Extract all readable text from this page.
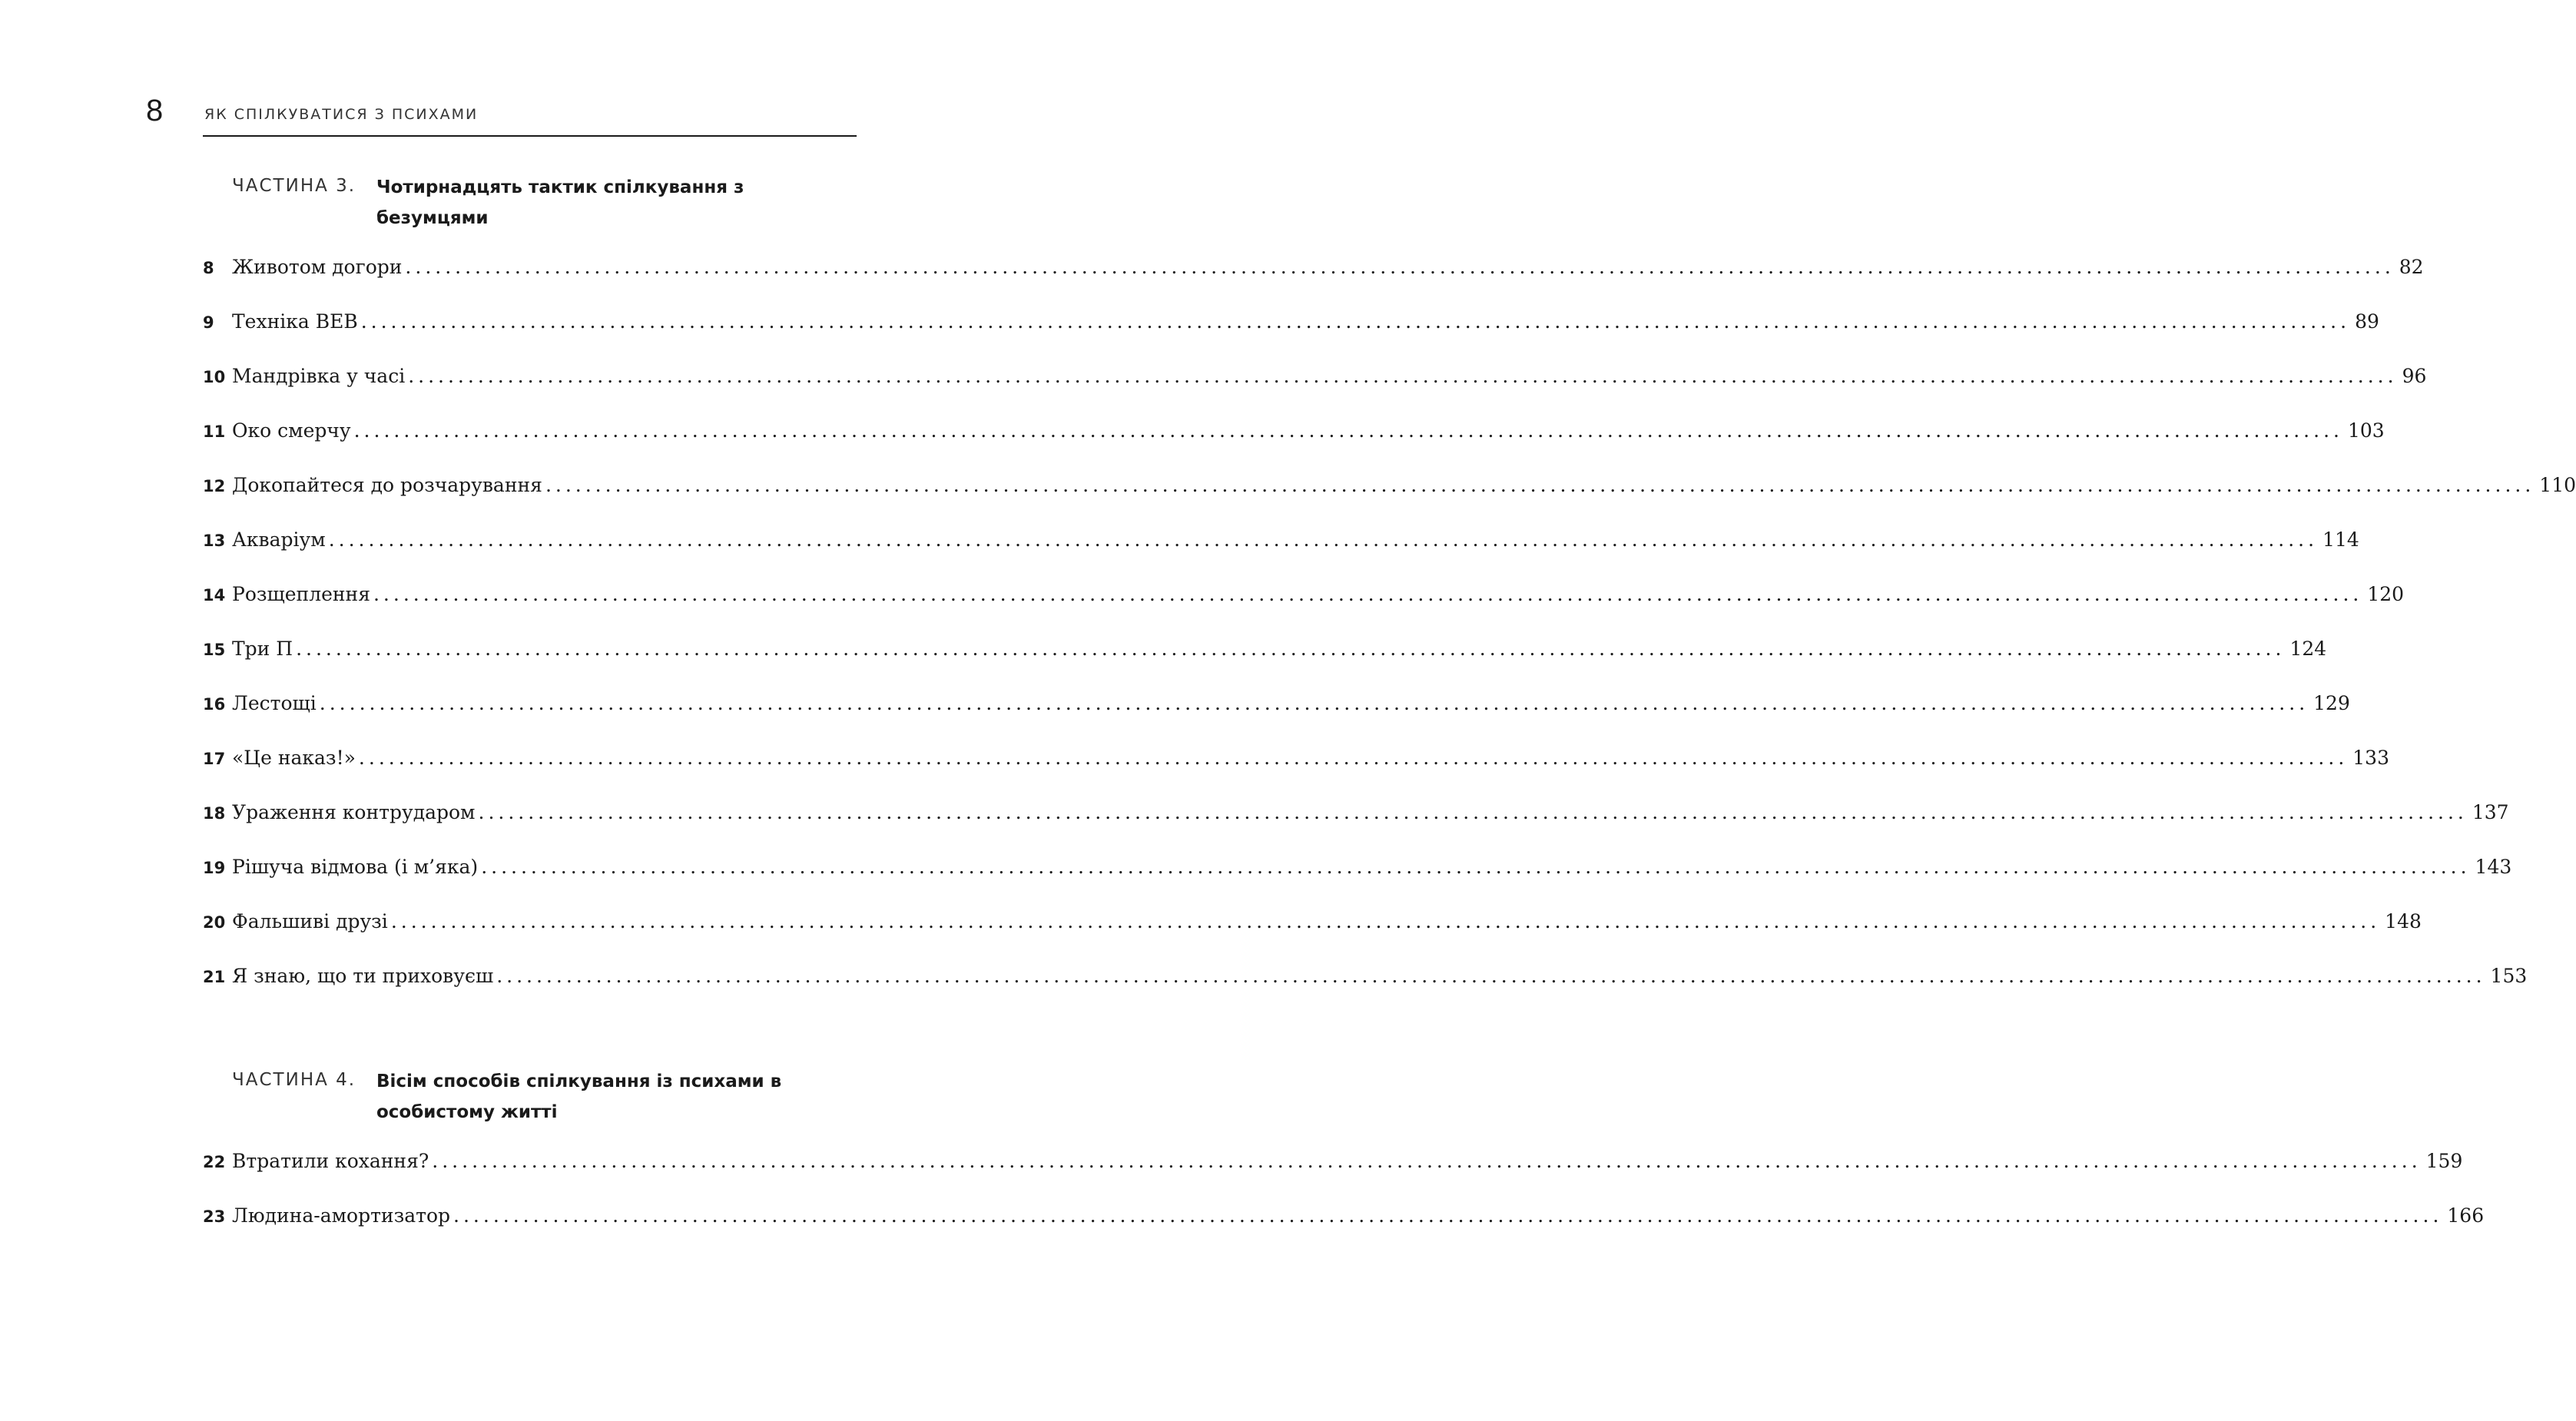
8	ЯК СПІЛКУВАТИСЯ З ПСИХАМИ
ЧАСТИНА 3. Чотирнадцять тактик спілкування з безумцями
8 Животом догори ........................................................................................................................................................................................................ 82
9 Техніка ВЕВ ........................................................................................................................................................................................................ 89
10 Мандрівка у часі ........................................................................................................................................................................................................ 96
11 Око смерчу ........................................................................................................................................................................................................ 103
12 Докопайтеся до розчарування ........................................................................................................................................................................................................ 110
13 Акваріум ........................................................................................................................................................................................................ 114
14 Розщеплення ........................................................................................................................................................................................................ 120
15 Три П ........................................................................................................................................................................................................ 124
16 Лестощі ........................................................................................................................................................................................................ 129
17 «Це наказ!» ........................................................................................................................................................................................................ 133
18 Ураження контрударом ........................................................................................................................................................................................................ 137
19 Рішуча відмова (і м’яка) ........................................................................................................................................................................................................ 143
20 Фальшиві друзі ........................................................................................................................................................................................................ 148
21 Я знаю, що ти приховуєш ........................................................................................................................................................................................................ 153
ЧАСТИНА 4. Вісім способів спілкування із психами в особистому житті
22 Втратили кохання? ........................................................................................................................................................................................................ 159
23 Людина-амортизатор ........................................................................................................................................................................................................ 166
